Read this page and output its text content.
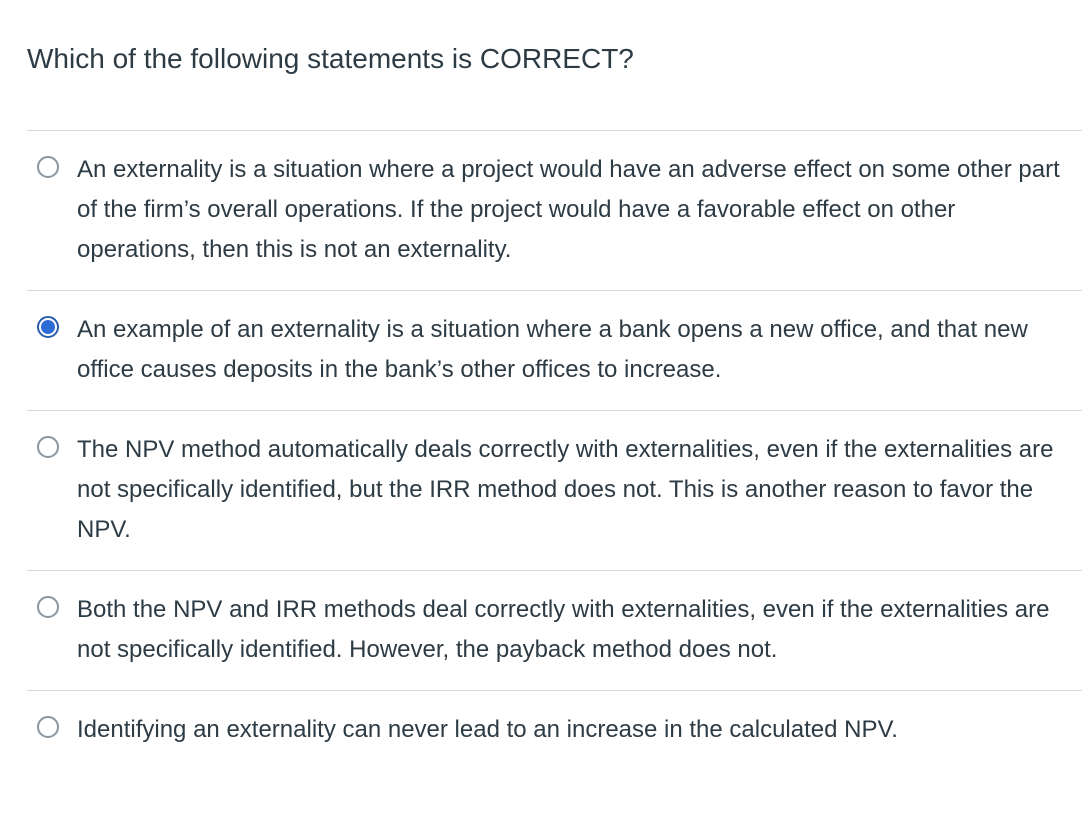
Which of the following statements is CORRECT?
An externality is a situation where a project would have an adverse effect on some other part of the firm’s overall operations. If the project would have a favorable effect on other operations, then this is not an externality.
An example of an externality is a situation where a bank opens a new office, and that new office causes deposits in the bank’s other offices to increase.
The NPV method automatically deals correctly with externalities, even if the externalities are not specifically identified, but the IRR method does not. This is another reason to favor the NPV.
Both the NPV and IRR methods deal correctly with externalities, even if the externalities are not specifically identified. However, the payback method does not.
Identifying an externality can never lead to an increase in the calculated NPV.
